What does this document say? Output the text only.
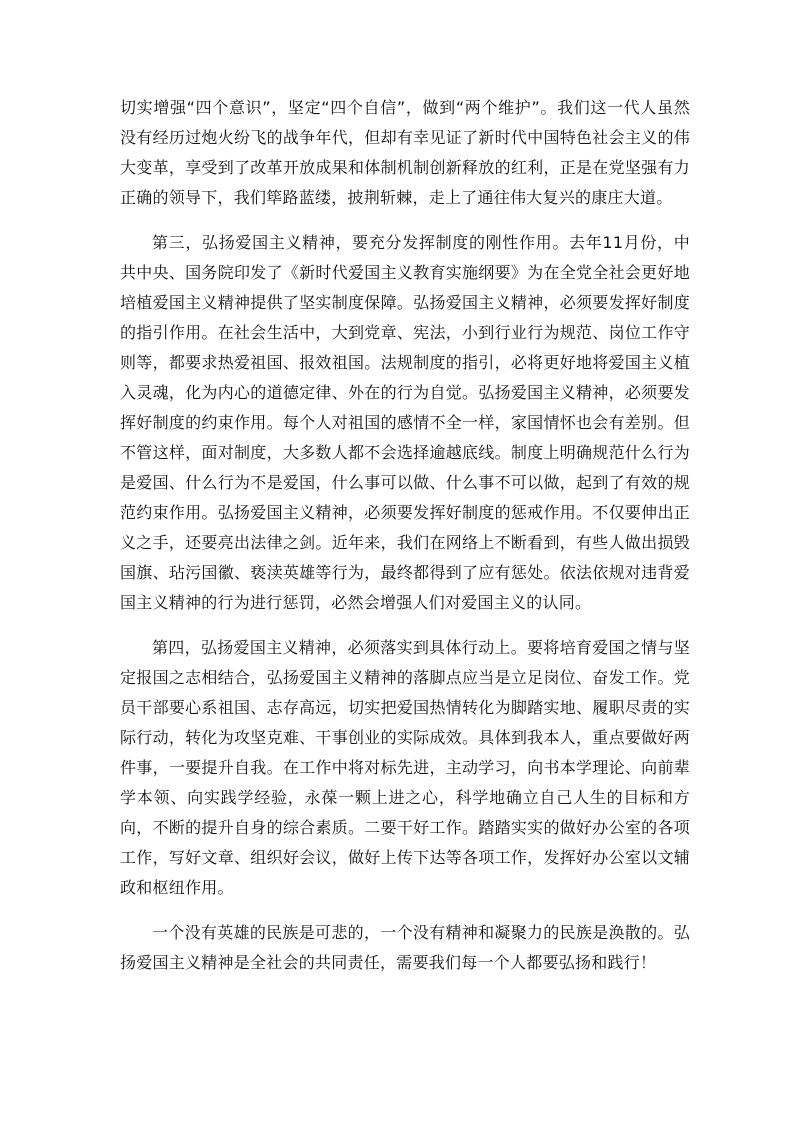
切实增强“四个意识”，坚定“四个自信”，做到“两个维护”。我们这一代人虽然没有经历过炮火纷飞的战争年代，但却有幸见证了新时代中国特色社会主义的伟大变革，享受到了改革开放成果和体制机制创新释放的红利，正是在党坚强有力正确的领导下，我们筚路蓝缕，披荆斩棘，走上了通往伟大复兴的康庄大道。

第三，弘扬爱国主义精神，要充分发挥制度的刚性作用。去年11月份，中共中央、国务院印发了《新时代爱国主义教育实施纲要》为在全党全社会更好地培植爱国主义精神提供了坚实制度保障。弘扬爱国主义精神，必须要发挥好制度的指引作用。在社会生活中，大到党章、宪法，小到行业行为规范、岗位工作守则等，都要求热爱祖国、报效祖国。法规制度的指引，必将更好地将爱国主义植入灵魂，化为内心的道德定律、外在的行为自觉。弘扬爱国主义精神，必须要发挥好制度的约束作用。每个人对祖国的感情不全一样，家国情怀也会有差别。但不管这样，面对制度，大多数人都不会选择逾越底线。制度上明确规范什么行为是爱国、什么行为不是爱国，什么事可以做、什么事不可以做，起到了有效的规范约束作用。弘扬爱国主义精神，必须要发挥好制度的惩戒作用。不仅要伸出正义之手，还要亮出法律之剑。近年来，我们在网络上不断看到，有些人做出损毁国旗、玷污国徽、亵渎英雄等行为，最终都得到了应有惩处。依法依规对违背爱国主义精神的行为进行惩罚，必然会增强人们对爱国主义的认同。

第四，弘扬爱国主义精神，必须落实到具体行动上。要将培育爱国之情与坚定报国之志相结合，弘扬爱国主义精神的落脚点应当是立足岗位、奋发工作。党员干部要心系祖国、志存高远，切实把爱国热情转化为脚踏实地、履职尽责的实际行动，转化为攻坚克难、干事创业的实际成效。具体到我本人，重点要做好两件事，一要提升自我。在工作中将对标先进，主动学习，向书本学理论、向前辈学本领、向实践学经验，永葆一颗上进之心，科学地确立自己人生的目标和方向，不断的提升自身的综合素质。二要干好工作。踏踏实实的做好办公室的各项工作，写好文章、组织好会议，做好上传下达等各项工作，发挥好办公室以文辅政和枢纽作用。

一个没有英雄的民族是可悲的，一个没有精神和凝聚力的民族是涣散的。弘扬爱国主义精神是全社会的共同责任，需要我们每一个人都要弘扬和践行！
